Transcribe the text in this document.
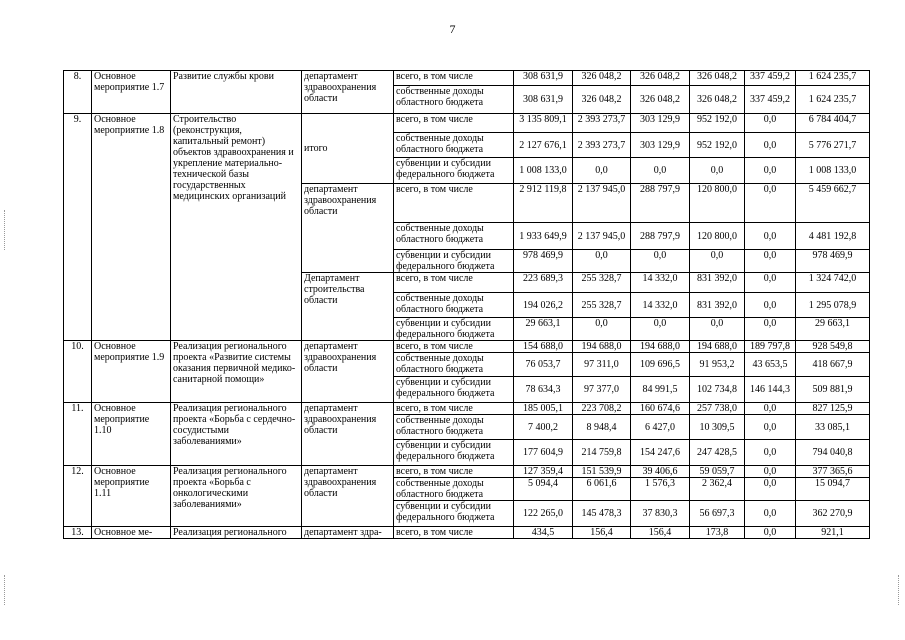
7
8.	Основное мероприятие 1.7	Развитие службы крови	департамент здравоохранения области	всего, в том числе	308 631,9	326 048,2	326 048,2	326 048,2	337 459,2	1 624 235,7
				собственные доходы областного бюджета	308 631,9	326 048,2	326 048,2	326 048,2	337 459,2	1 624 235,7
9.	Основное мероприятие 1.8	Строительство (реконструкция, капитальный ремонт) объектов здравоохранения и укрепление материально-технической базы государственных медицинских организаций	итого	всего, в том числе	3 135 809,1	2 393 273,7	303 129,9	952 192,0	0,0	6 784 404,7
				собственные доходы областного бюджета	2 127 676,1	2 393 273,7	303 129,9	952 192,0	0,0	5 776 271,7
				субвенции и субсидии федерального бюджета	1 008 133,0	0,0	0,0	0,0	0,0	1 008 133,0
			департамент здравоохранения области	всего, в том числе	2 912 119,8	2 137 945,0	288 797,9	120 800,0	0,0	5 459 662,7
				собственные доходы областного бюджета	1 933 649,9	2 137 945,0	288 797,9	120 800,0	0,0	4 481 192,8
				субвенции и субсидии федерального бюджета	978 469,9	0,0	0,0	0,0	0,0	978 469,9
			Департамент строительства области	всего, в том числе	223 689,3	255 328,7	14 332,0	831 392,0	0,0	1 324 742,0
				собственные доходы областного бюджета	194 026,2	255 328,7	14 332,0	831 392,0	0,0	1 295 078,9
				субвенции и субсидии федерального бюджета	29 663,1	0,0	0,0	0,0	0,0	29 663,1
10.	Основное мероприятие 1.9	Реализация регионального проекта «Развитие системы оказания первичной медико-санитарной помощи»	департамент здравоохранения области	всего, в том числе	154 688,0	194 688,0	194 688,0	194 688,0	189 797,8	928 549,8
				собственные доходы областного бюджета	76 053,7	97 311,0	109 696,5	91 953,2	43 653,5	418 667,9
				субвенции и субсидии федерального бюджета	78 634,3	97 377,0	84 991,5	102 734,8	146 144,3	509 881,9
11.	Основное мероприятие 1.10	Реализация регионального проекта «Борьба с сердечно-сосудистыми заболеваниями»	департамент здравоохранения области	всего, в том числе	185 005,1	223 708,2	160 674,6	257 738,0	0,0	827 125,9
				собственные доходы областного бюджета	7 400,2	8 948,4	6 427,0	10 309,5	0,0	33 085,1
				субвенции и субсидии федерального бюджета	177 604,9	214 759,8	154 247,6	247 428,5	0,0	794 040,8
12.	Основное мероприятие 1.11	Реализация регионального проекта «Борьба с онкологическими заболеваниями»	департамент здравоохранения области	всего, в том числе	127 359,4	151 539,9	39 406,6	59 059,7	0,0	377 365,6
				собственные доходы областного бюджета	5 094,4	6 061,6	1 576,3	2 362,4	0,0	15 094,7
				субвенции и субсидии федерального бюджета	122 265,0	145 478,3	37 830,3	56 697,3	0,0	362 270,9
13.	Основное ме-	Реализация регионального	департамент здра-	всего, в том числе	434,5	156,4	156,4	173,8	0,0	921,1
